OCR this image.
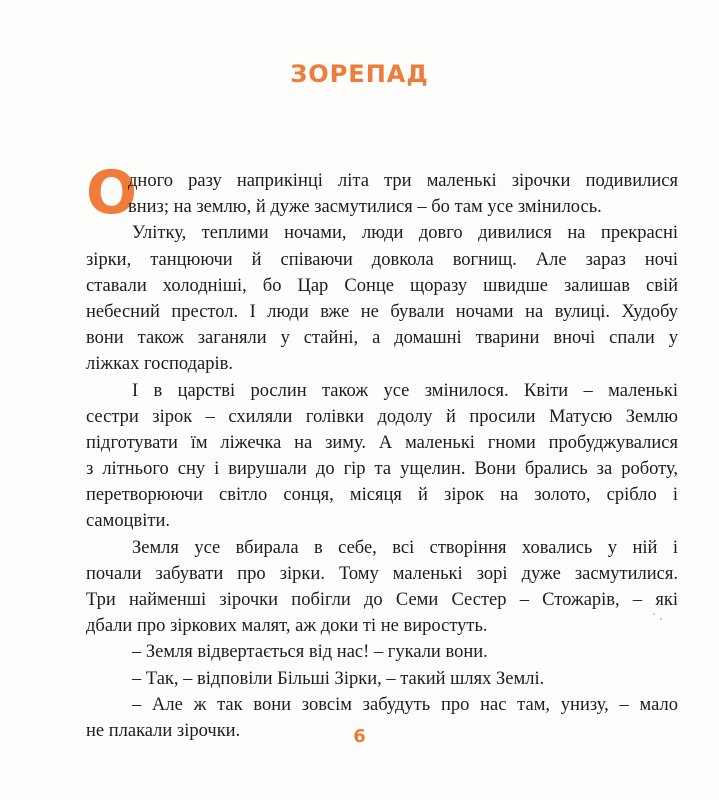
ЗОРЕПАД
О
дного разу наприкінці літа три маленькі зірочки подивилися
вниз; на землю, й дуже засмутилися – бо там усе змінилось.
Улітку, теплими ночами, люди довго дивилися на прекрасні
зірки, танцюючи й співаючи довкола вогнищ. Але зараз ночі
ставали холодніші, бо Цар Сонце щоразу швидше залишав свій
небесний престол. І люди вже не бували ночами на вулиці. Худобу
вони також заганяли у стайні, а домашні тварини вночі спали у
ліжках господарів.
І в царстві рослин також усе змінилося. Квіти – маленькі
сестри зірок – схиляли голівки додолу й просили Матусю Землю
підготувати їм ліжечка на зиму. А маленькі гноми пробуджувалися
з літнього сну і вирушали до гір та ущелин. Вони брались за роботу,
перетворюючи світло сонця, місяця й зірок на золото, срібло і
самоцвіти.
Земля усе вбирала в себе, всі створіння ховались у ній і
почали забувати про зірки. Тому маленькі зорі дуже засмутилися.
Три найменші зірочки побігли до Семи Сестер – Стожарів, – які
дбали про зіркових малят, аж доки ті не виростуть.
– Земля відвертається від нас! – гукали вони.
– Так, – відповіли Більші Зірки, – такий шлях Землі.
– Але ж так вони зовсім забудуть про нас там, унизу, – мало
не плакали зірочки.	6
